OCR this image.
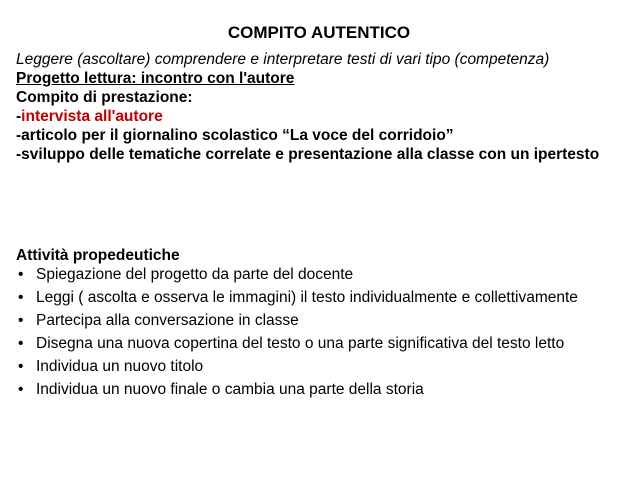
COMPITO AUTENTICO

Leggere (ascoltare) comprendere e interpretare testi di vari tipo (competenza)

Progetto lettura: incontro con l'autore

Compito di prestazione:

-intervista all'autore

-articolo per il giornalino scolastico “La voce del corridoio”

-sviluppo delle tematiche correlate e presentazione alla classe con un ipertesto

Attività propedeutiche

• Spiegazione del progetto da parte del docente
• Leggi ( ascolta e osserva le immagini) il testo individualmente e collettivamente
• Partecipa alla conversazione in classe
• Disegna una nuova copertina del testo o una parte significativa del testo letto
• Individua un nuovo titolo
• Individua un nuovo finale o cambia una parte della storia
